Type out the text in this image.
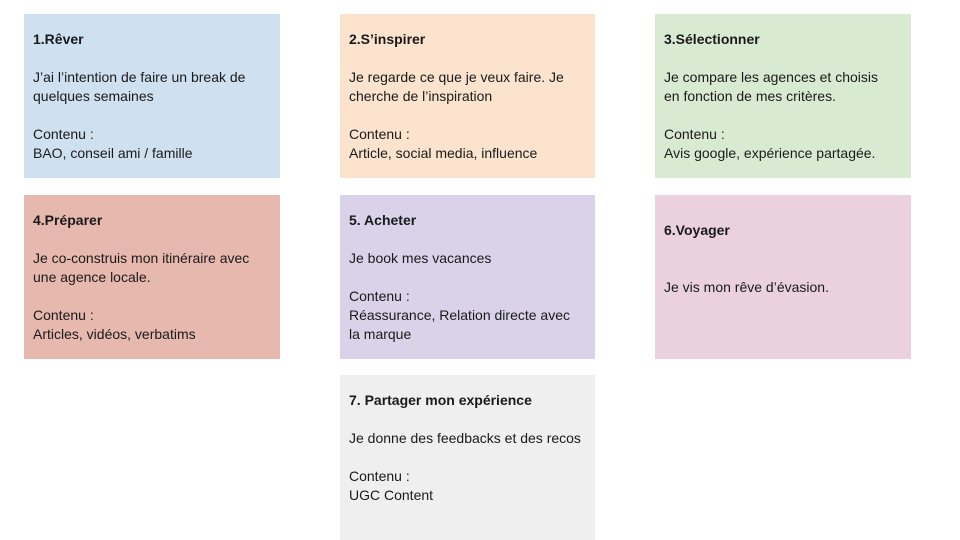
1.Rêver
J’ai l’intention de faire un break de
quelques semaines
Contenu :
BAO, conseil ami / famille
2.S’inspirer
Je regarde ce que je veux faire. Je
cherche de l’inspiration
Contenu :
Article, social media, influence
3.Sélectionner
Je compare les agences et choisis
en fonction de mes critères.
Contenu :
Avis google, expérience partagée.
4.Préparer
Je co-construis mon itinéraire avec
une agence locale.
Contenu :
Articles, vidéos, verbatims
5. Acheter
Je book mes vacances
Contenu :
Réassurance, Relation directe avec
la marque
6.Voyager
Je vis mon rêve d’évasion.
7. Partager mon expérience
Je donne des feedbacks et des recos
Contenu :
UGC Content
